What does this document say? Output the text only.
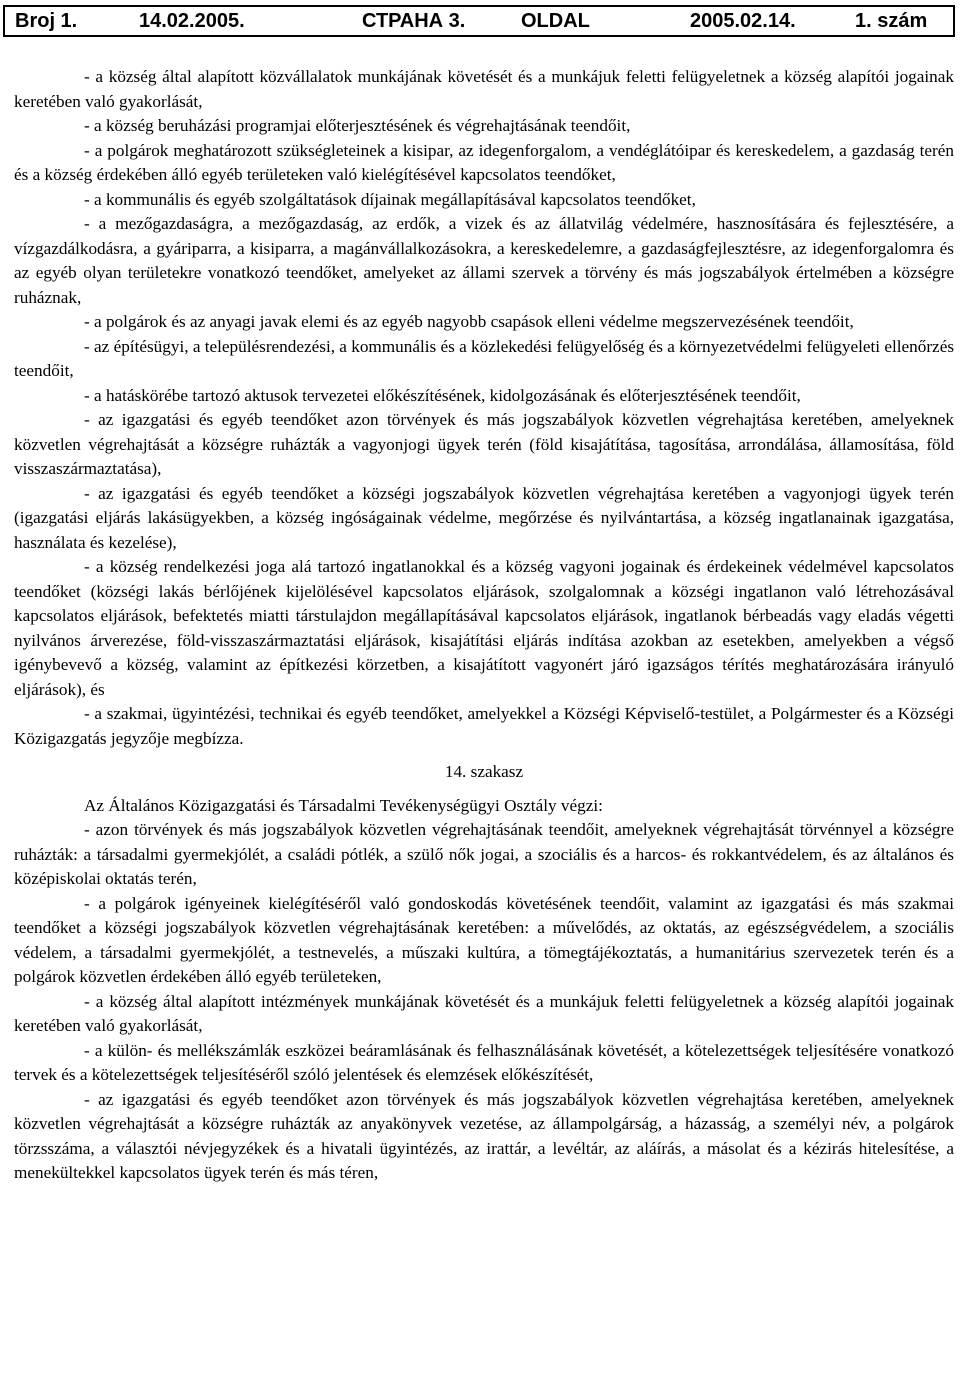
Broj 1.	14.02.2005.	СТРАНА 3.	OLDAL	2005.02.14.	1. szám

- a község által alapított közvállalatok munkájának követését és a munkájuk feletti felügyeletnek a község alapítói jogainak keretében való gyakorlását,

- a község beruházási programjai előterjesztésének és végrehajtásának teendőit,

- a polgárok meghatározott szükségleteinek a kisipar, az idegenforgalom, a vendéglátóipar és kereskedelem, a gazdaság terén és a község érdekében álló egyéb területeken való kielégítésével kapcsolatos teendőket,

- a kommunális és egyéb szolgáltatások díjainak megállapításával kapcsolatos teendőket,

- a mezőgazdaságra, a mezőgazdaság, az erdők, a vizek és az állatvilág védelmére, hasznosítására és fejlesztésére, a vízgazdálkodásra, a gyáriparra, a kisiparra, a magánvállalkozásokra, a kereskedelemre, a gazdaságfejlesztésre, az idegenforgalomra és az egyéb olyan területekre vonatkozó teendőket, amelyeket az állami szervek a törvény és más jogszabályok értelmében a községre ruháznak,

- a polgárok és az anyagi javak elemi és az egyéb nagyobb csapások elleni védelme megszervezésének teendőit,

- az építésügyi, a településrendezési, a kommunális és a közlekedési felügyelőség és a környezetvédelmi felügyeleti ellenőrzés teendőit,

- a hatáskörébe tartozó aktusok tervezetei előkészítésének, kidolgozásának és előterjesztésének teendőit,

- az igazgatási és egyéb teendőket azon törvények és más jogszabályok közvetlen végrehajtása keretében, amelyeknek közvetlen végrehajtását a községre ruházták a vagyonjogi ügyek terén (föld kisajátítása, tagosítása, arrondálása, államosítása, föld visszaszármaztatása),

- az igazgatási és egyéb teendőket a községi jogszabályok közvetlen végrehajtása keretében a vagyonjogi ügyek terén (igazgatási eljárás lakásügyekben, a község ingóságainak védelme, megőrzése és nyilvántartása, a község ingatlanainak igazgatása, használata és kezelése),

- a község rendelkezési joga alá tartozó ingatlanokkal és a község vagyoni jogainak és érdekeinek védelmével kapcsolatos teendőket (községi lakás bérlőjének kijelölésével kapcsolatos eljárások, szolgalomnak a községi ingatlanon való létrehozásával kapcsolatos eljárások, befektetés miatti társtulajdon megállapításával kapcsolatos eljárások, ingatlanok bérbeadás vagy eladás végetti nyilvános árverezése, föld-visszaszármaztatási eljárások, kisajátítási eljárás indítása azokban az esetekben, amelyekben a végső igénybevevő a község, valamint az építkezési körzetben, a kisajátított vagyonért járó igazságos térítés meghatározására irányuló eljárások), és

- a szakmai, ügyintézési, technikai és egyéb teendőket, amelyekkel a Községi Képviselő-testület, a Polgármester és a Községi Közigazgatás jegyzője megbízza.

14. szakasz

Az Általános Közigazgatási és Társadalmi Tevékenységügyi Osztály végzi:

- azon törvények és más jogszabályok közvetlen végrehajtásának teendőit, amelyeknek végrehajtását törvénnyel a községre ruházták: a társadalmi gyermekjólét, a családi pótlék, a szülő nők jogai, a szociális és a harcos- és rokkantvédelem, és az általános és középiskolai oktatás terén,

- a polgárok igényeinek kielégítéséről való gondoskodás követésének teendőit, valamint az igazgatási és más szakmai teendőket a községi jogszabályok közvetlen végrehajtásának keretében: a művelődés, az oktatás, az egészségvédelem, a szociális védelem, a társadalmi gyermekjólét, a testnevelés, a műszaki kultúra, a tömegtájékoztatás, a humanitárius szervezetek terén és a polgárok közvetlen érdekében álló egyéb területeken,

- a község által alapított intézmények munkájának követését és a munkájuk feletti felügyeletnek a község alapítói jogainak keretében való gyakorlását,

- a külön- és mellékszámlák eszközei beáramlásának és felhasználásának követését, a kötelezettségek teljesítésére vonatkozó tervek és a kötelezettségek teljesítéséről szóló jelentések és elemzések előkészítését,

- az igazgatási és egyéb teendőket azon törvények és más jogszabályok közvetlen végrehajtása keretében, amelyeknek közvetlen végrehajtását a községre ruházták az anyakönyvek vezetése, az állampolgárság, a házasság, a személyi név, a polgárok törzsszáma, a választói névjegyzékek és a hivatali ügyintézés, az irattár, a levéltár, az aláírás, a másolat és a kézirás hitelesítése, a menekültekkel kapcsolatos ügyek terén és más téren,
